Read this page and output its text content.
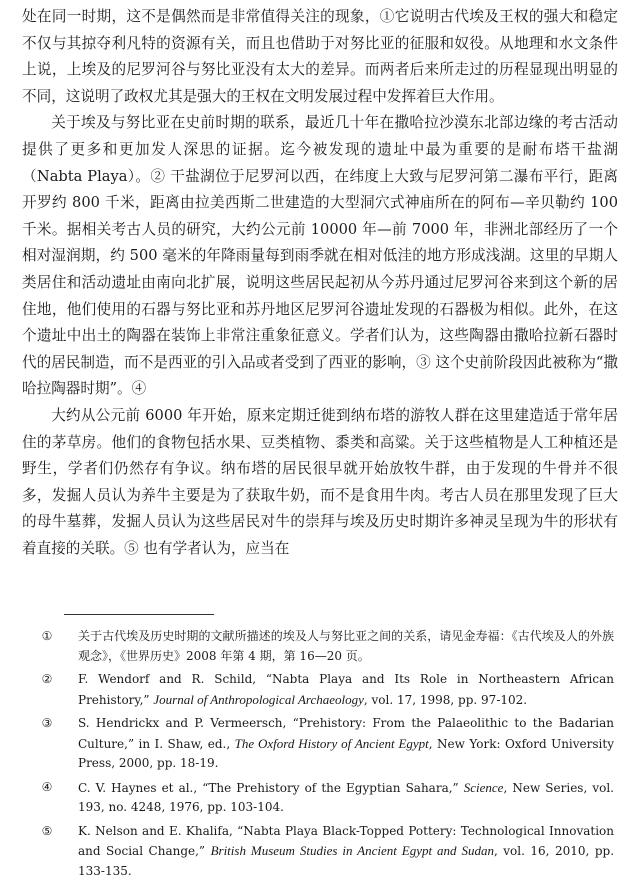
处在同一时期，这不是偶然而是非常值得关注的现象，①它说明古代埃及王权的强大和稳定不仅与其掠夺利凡特的资源有关，而且也借助于对努比亚的征服和奴役。从地理和水文条件上说，上埃及的尼罗河谷与努比亚没有太大的差异。而两者后来所走过的历程显现出明显的不同，这说明了政权尤其是强大的王权在文明发展过程中发挥着巨大作用。

关于埃及与努比亚在史前时期的联系，最近几十年在撒哈拉沙漠东北部边缘的考古活动提供了更多和更加发人深思的证据。迄今被发现的遗址中最为重要的是耐布塔干盐湖（Nabta Playa）。② 干盐湖位于尼罗河以西，在纬度上大致与尼罗河第二瀑布平行，距离开罗约 800 千米，距离由拉美西斯二世建造的大型洞穴式神庙所在的阿布—辛贝勒约 100 千米。据相关考古人员的研究，大约公元前 10000 年—前 7000 年，非洲北部经历了一个相对湿润期，约 500 毫米的年降雨量每到雨季就在相对低洼的地方形成浅湖。这里的早期人类居住和活动遗址由南向北扩展，说明这些居民起初从今苏丹通过尼罗河谷来到这个新的居住地，他们使用的石器与努比亚和苏丹地区尼罗河谷遗址发现的石器极为相似。此外，在这个遗址中出土的陶器在装饰上非常注重象征意义。学者们认为，这些陶器由撒哈拉新石器时代的居民制造，而不是西亚的引入品或者受到了西亚的影响，③ 这个史前阶段因此被称为“撒哈拉陶器时期”。④

大约从公元前 6000 年开始，原来定期迁徙到纳布塔的游牧人群在这里建造适于常年居住的茅草房。他们的食物包括水果、豆类植物、黍类和高粱。关于这些植物是人工种植还是野生，学者们仍然存有争议。纳布塔的居民很早就开始放牧牛群，由于发现的牛骨并不很多，发掘人员认为养牛主要是为了获取牛奶，而不是食用牛肉。考古人员在那里发现了巨大的母牛墓葬，发掘人员认为这些居民对牛的崇拜与埃及历史时期许多神灵呈现为牛的形状有着直接的关联。⑤ 也有学者认为，应当在

①	关于古代埃及历史时期的文献所描述的埃及人与努比亚之间的关系，请见金寿福：《古代埃及人的外族观念》，《世界历史》2008 年第 4 期，第 16—20 页。
②	F. Wendorf and R. Schild, “Nabta Playa and Its Role in Northeastern African Prehistory,” Journal of Anthropological Archaeology, vol. 17, 1998, pp. 97-102.
③	S. Hendrickx and P. Vermeersch, “Prehistory: From the Palaeolithic to the Badarian Culture,” in I. Shaw, ed., The Oxford History of Ancient Egypt, New York: Oxford University Press, 2000, pp. 18-19.
④	C. V. Haynes et al., “The Prehistory of the Egyptian Sahara,” Science, New Series, vol. 193, no. 4248, 1976, pp. 103-104.
⑤	K. Nelson and E. Khalifa, “Nabta Playa Black-Topped Pottery: Technological Innovation and Social Change,” British Museum Studies in Ancient Egypt and Sudan, vol. 16, 2010, pp. 133-135.
